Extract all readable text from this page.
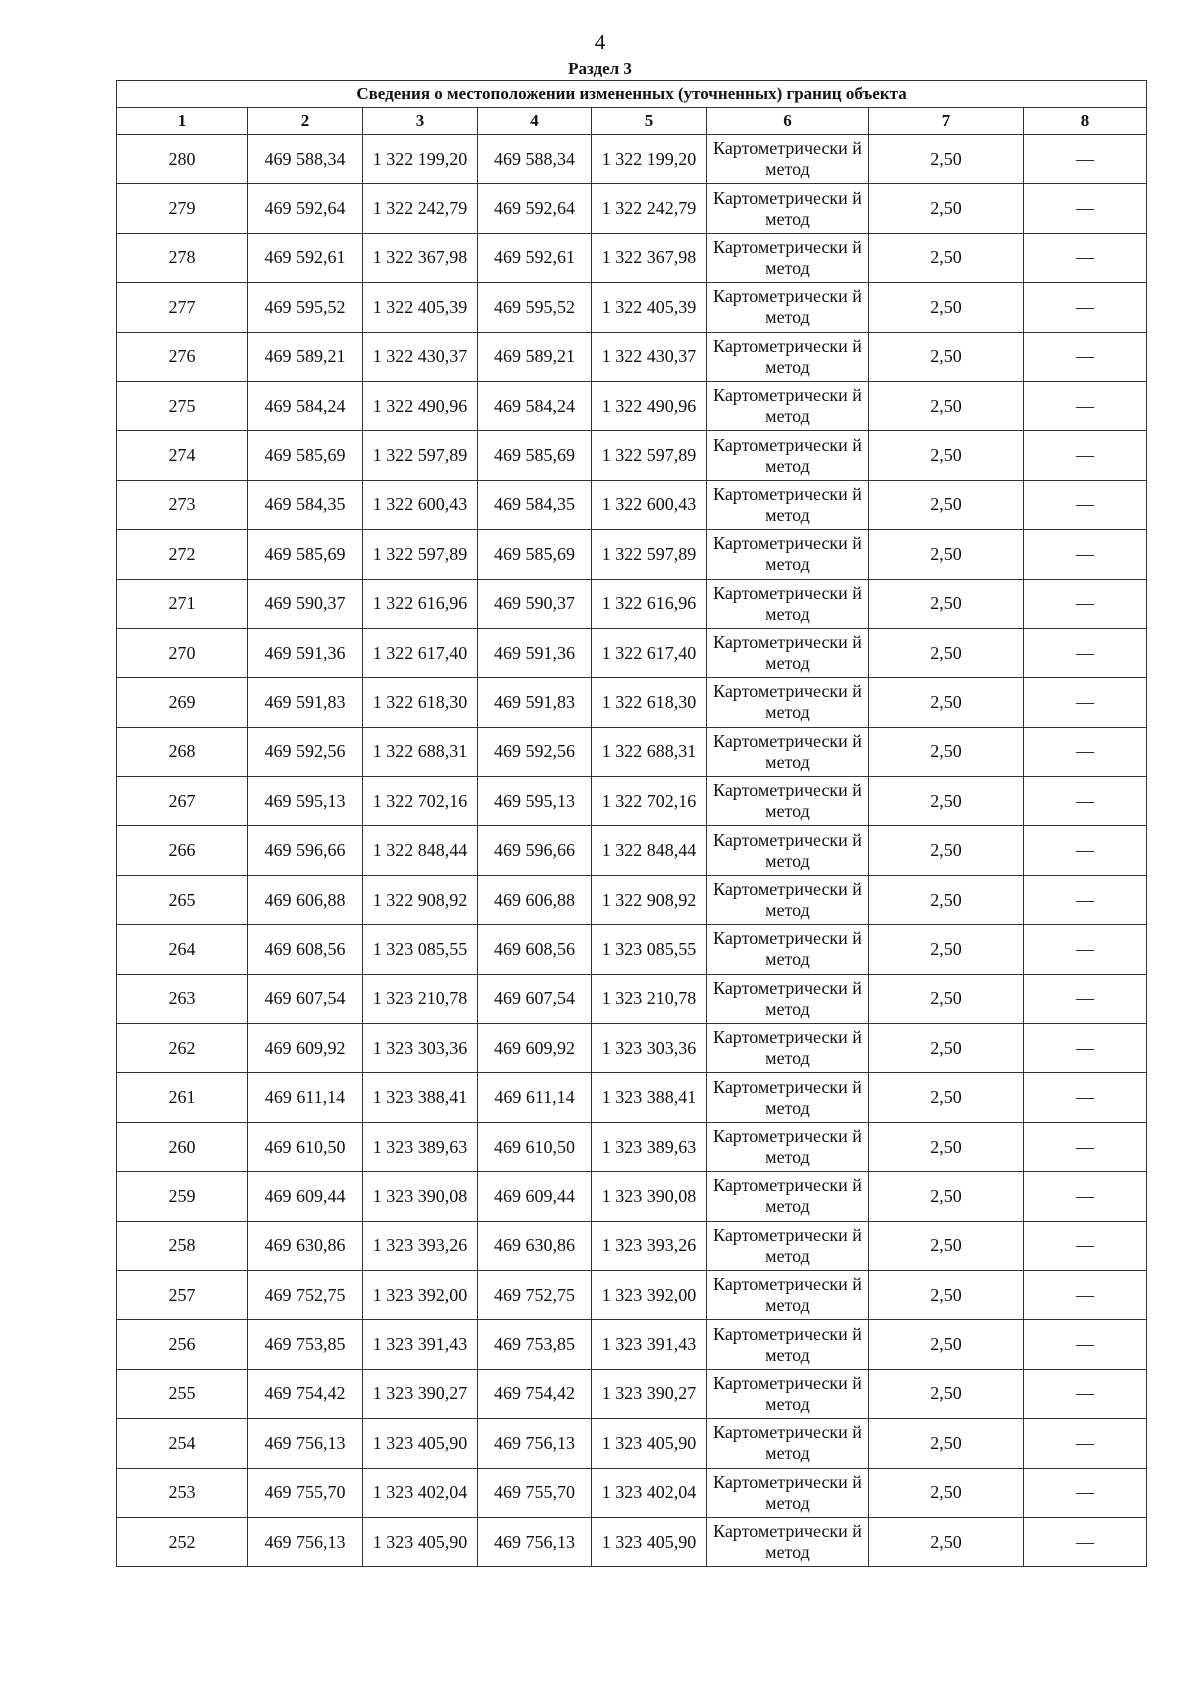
4
Раздел 3
Сведения о местоположении измененных (уточненных) границ объекта							
1	2	3	4	5	6	7	8
280	469 588,34	1 322 199,20	469 588,34	1 322 199,20	Картометрически й метод	2,50	—
279	469 592,64	1 322 242,79	469 592,64	1 322 242,79	Картометрически й метод	2,50	—
278	469 592,61	1 322 367,98	469 592,61	1 322 367,98	Картометрически й метод	2,50	—
277	469 595,52	1 322 405,39	469 595,52	1 322 405,39	Картометрически й метод	2,50	—
276	469 589,21	1 322 430,37	469 589,21	1 322 430,37	Картометрически й метод	2,50	—
275	469 584,24	1 322 490,96	469 584,24	1 322 490,96	Картометрически й метод	2,50	—
274	469 585,69	1 322 597,89	469 585,69	1 322 597,89	Картометрически й метод	2,50	—
273	469 584,35	1 322 600,43	469 584,35	1 322 600,43	Картометрически й метод	2,50	—
272	469 585,69	1 322 597,89	469 585,69	1 322 597,89	Картометрически й метод	2,50	—
271	469 590,37	1 322 616,96	469 590,37	1 322 616,96	Картометрически й метод	2,50	—
270	469 591,36	1 322 617,40	469 591,36	1 322 617,40	Картометрически й метод	2,50	—
269	469 591,83	1 322 618,30	469 591,83	1 322 618,30	Картометрически й метод	2,50	—
268	469 592,56	1 322 688,31	469 592,56	1 322 688,31	Картометрически й метод	2,50	—
267	469 595,13	1 322 702,16	469 595,13	1 322 702,16	Картометрически й метод	2,50	—
266	469 596,66	1 322 848,44	469 596,66	1 322 848,44	Картометрически й метод	2,50	—
265	469 606,88	1 322 908,92	469 606,88	1 322 908,92	Картометрически й метод	2,50	—
264	469 608,56	1 323 085,55	469 608,56	1 323 085,55	Картометрически й метод	2,50	—
263	469 607,54	1 323 210,78	469 607,54	1 323 210,78	Картометрически й метод	2,50	—
262	469 609,92	1 323 303,36	469 609,92	1 323 303,36	Картометрически й метод	2,50	—
261	469 611,14	1 323 388,41	469 611,14	1 323 388,41	Картометрически й метод	2,50	—
260	469 610,50	1 323 389,63	469 610,50	1 323 389,63	Картометрически й метод	2,50	—
259	469 609,44	1 323 390,08	469 609,44	1 323 390,08	Картометрически й метод	2,50	—
258	469 630,86	1 323 393,26	469 630,86	1 323 393,26	Картометрически й метод	2,50	—
257	469 752,75	1 323 392,00	469 752,75	1 323 392,00	Картометрически й метод	2,50	—
256	469 753,85	1 323 391,43	469 753,85	1 323 391,43	Картометрически й метод	2,50	—
255	469 754,42	1 323 390,27	469 754,42	1 323 390,27	Картометрически й метод	2,50	—
254	469 756,13	1 323 405,90	469 756,13	1 323 405,90	Картометрически й метод	2,50	—
253	469 755,70	1 323 402,04	469 755,70	1 323 402,04	Картометрически й метод	2,50	—
252	469 756,13	1 323 405,90	469 756,13	1 323 405,90	Картометрически й метод	2,50	—
